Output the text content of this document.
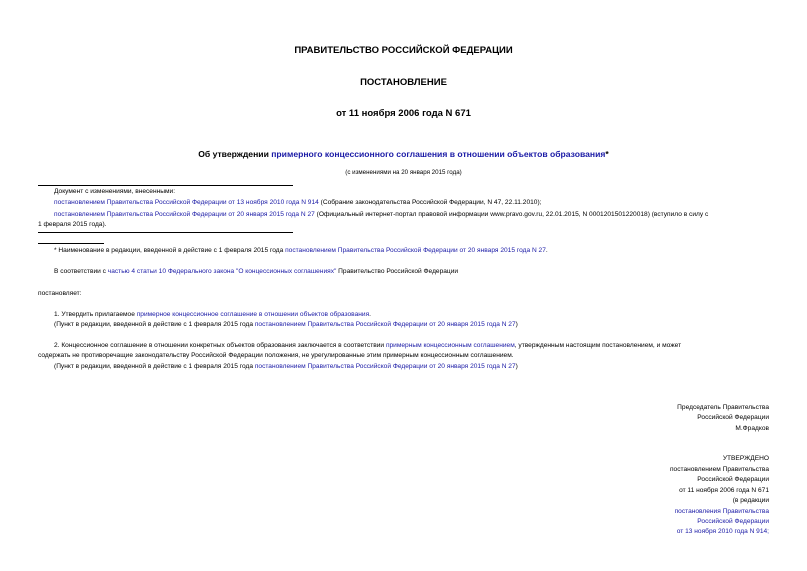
ПРАВИТЕЛЬСТВО РОССИЙСКОЙ ФЕДЕРАЦИИ
ПОСТАНОВЛЕНИЕ
от 11 ноября 2006 года N 671
Об утверждении примерного концессионного соглашения в отношении объектов образования*
(с изменениями на 20 января 2015 года)
Документ с изменениями, внесенными:
постановлением Правительства Российской Федерации от 13 ноября 2010 года N 914 (Собрание законодательства Российской Федерации, N 47, 22.11.2010);
постановлением Правительства Российской Федерации от 20 января 2015 года N 27 (Официальный интернет-портал правовой информации www.pravo.gov.ru, 22.01.2015, N 0001201501220018) (вступило в силу с
1 февраля 2015 года).
* Наименование в редакции, введенной в действие с 1 февраля 2015 года постановлением Правительства Российской Федерации от 20 января 2015 года N 27.
В соответствии с частью 4 статьи 10 Федерального закона "О концессионных соглашениях" Правительство Российской Федерации
постановляет:
1. Утвердить прилагаемое примерное концессионное соглашение в отношении объектов образования.
(Пункт в редакции, введенной в действие с 1 февраля 2015 года постановлением Правительства Российской Федерации от 20 января 2015 года N 27)
2. Концессионное соглашение в отношении конкретных объектов образования заключается в соответствии примерным концессионным соглашением, утвержденным настоящим постановлением, и может
содержать не противоречащие законодательству Российской Федерации положения, не урегулированные этим примерным концессионным соглашением.
(Пункт в редакции, введенной в действие с 1 февраля 2015 года постановлением Правительства Российской Федерации от 20 января 2015 года N 27)
Председатель Правительства
Российской Федерации
М.Фрадков
УТВЕРЖДЕНО
постановлением Правительства
Российской Федерации
от 11 ноября 2006 года N 671
(в редакции
постановления Правительства
Российской Федерации
от 13 ноября 2010 года N 914;
